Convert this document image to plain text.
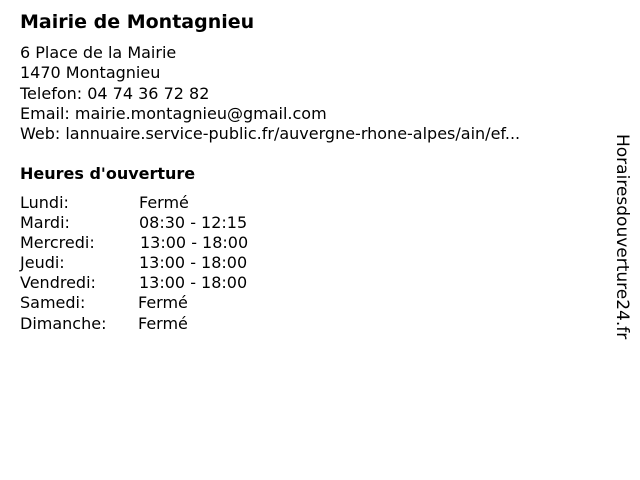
Mairie de Montagnieu
6 Place de la Mairie
1470 Montagnieu
Telefon: 04 74 36 72 82
Email: mairie.montagnieu@gmail.com
Web: lannuaire.service-public.fr/auvergne-rhone-alpes/ain/ef...
Heures d'ouverture
Lundi:	Fermé
Mardi:	08:30 - 12:15
Mercredi:	13:00 - 18:00
Jeudi:	13:00 - 18:00
Vendredi:	13:00 - 18:00
Samedi:	Fermé
Dimanche: Fermé	Horairesdouverture24.fr
